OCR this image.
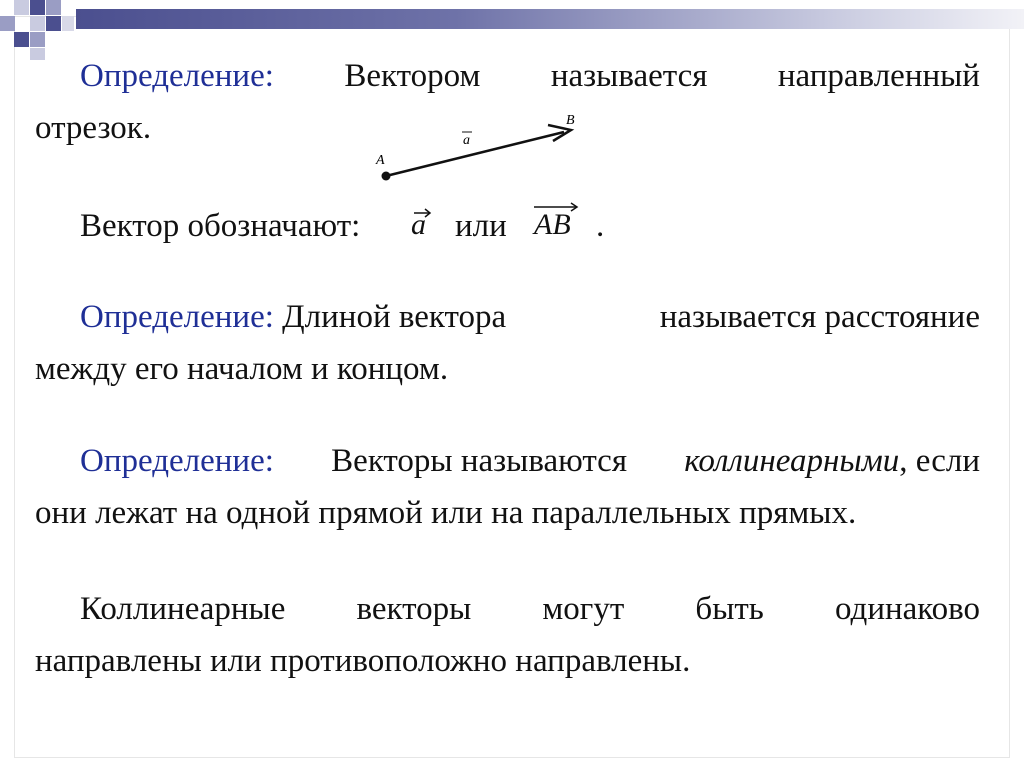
Определение: Вектором называется направленный
отрезок.
A
B
a
Вектор обозначают: a или AB .
Определение: Длиной вектора	называется расстояние
между его началом и концом.
Определение: Векторы называются коллинеарными, если
они лежат на одной прямой или на параллельных прямых.
Коллинеарные векторы могут быть одинаково
направлены или противоположно направлены.
